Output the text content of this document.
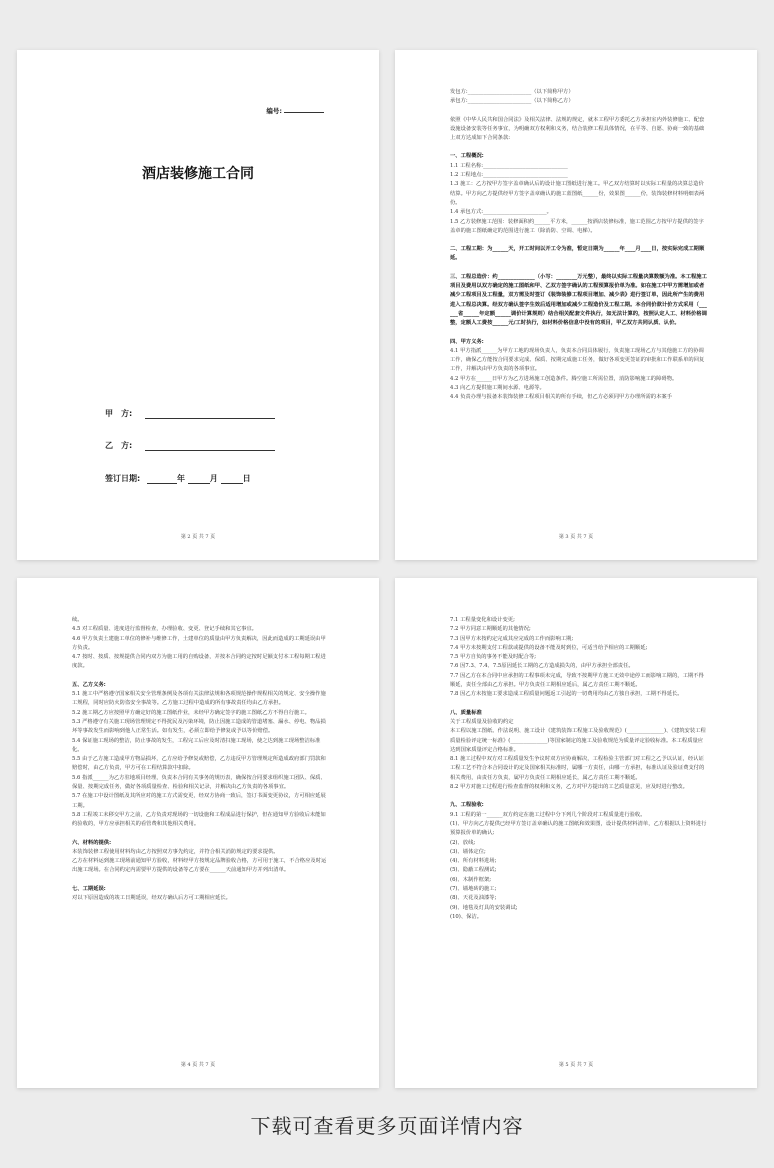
编号:
酒店装修施工合同
甲　方:
乙　方:
签订日期:	年	月	日
第 2 页 共 7 页

发包方:________________________（以下简称甲方）

承包方:________________________（以下简称乙方）

依照《中华人民共和国合同法》及相关法律、法规的规定，就本工程甲方委托乙方承担室内外装修施工、配套设施设备安装等任务事宜，为明确双方权利和义务，结合装修工程具体情况，在平等、自愿、协商一致的基础上双方达成如下合同条款:

一、工程概况:

1.1 工程名称:________________________________

1.2 工程地点:________________________________

1.3 施工：乙方按甲方签字盖章确认后的设计施工图纸进行施工。甲乙双方结算时以实际工程量的决算总造价结算。甲方向乙方提供经甲方签字盖章确认的施工蓝图纸______份，效果图______份，装饰装修材料明细表两份。

1.4 承包方式:________________________。

1.5 乙方装修施工范围：装修面积约______平方米，______按酒店装修标准，施工范围乙方按甲方提供的签字盖章的施工图纸确定的范围进行施工（除消防、空调、电梯）。

二、工程工期：为______天，开工时间以开工令为准，暂定日期为______年____月____日，按实际完成工期顺延。

三、工程总造价：约______________（小写：________万元整），最终以实际工程量决算数额为准。本工程施工项目及费用以双方确定的施工图纸和甲、乙双方签字确认的工程预算报价单为准。如在施工中甲方需增加或者减少工程项目及工程量，双方需及时签订《装饰装修工程项目增加、减少表》进行签订单，因此所产生的费用进入工程总决算。经双方确认签字生效后适用增加或减少工程造价及工程工期。本合同价款计价方式采用（______省______年定额______调价计算规则）结合相关配套文件执行，如无法计算的，按照认定人工、材料价格调整，定额人工费按______元/工时执行，如材料价格信息中没有的项目，甲乙双方共同认质、认价。

四、甲方义务:

4.1 甲方指派______为甲方工地的现场负责人，负责本合同具体履行，负责施工现场乙方与其他施工方的协调工作，确保乙方能按合同要求完成、保质、按期完成施工任务，做好各项变更签证的审批和工作联系单的回复工作，并解决由甲方负责的各项事宜。

4.2 甲方在______日甲方为乙方进场施工创造条件。腾空施工所需位置，消防影响施工的障碍物。

4.3 向乙方提供施工期间水源、电源等。

4.4 负责办理与报备本装饰装修工程项目相关的所有手续，但乙方必须同甲方办理所需的本案手

第 3 页 共 7 页

续。

4.5 对工程质量、进度进行监督检查，办理验收、变更、登记手续和其它事宜。

4.6 甲方负责土建施工单位的修补与维修工作，土建单位的质量由甲方负责解决，因此而造成的工期延误由甲方负责。

4.7 按时、按质、按规提供合同内双方为施工用的自购设备，并按本合同约定按时足额支付本工程每期工程进度款。

五、乙方义务:

5.1 施工中严格遵守国家相关安全管理条例及各项有关法律法规和各项规范操作规程相关的规定、安全操作施工规程，同时应防火防盗安全事故等。乙方施工过程中造成的所有事故责任均由乙方承担。

5.2 施工期乙方应按照甲方确定好的施工图纸作业，未经甲方确定签字的施工图纸乙方不得自行施工。

5.3 严格遵守有关施工现场管理规定不得扰民及污染环境，防止因施工造成的管道堵塞、漏水、停电、物品损坏等事故发生而影响到他人正常生活。如有发生，必须立即给予修复或予以等价赔偿。

5.4 保证施工现场的整洁，防止事故的发生，工程完工后应及时清扫施工现场，使之达到施工现场整洁标准化。

5.5 由于乙方施工造成甲方物品损坏，乙方应给予修复或赔偿，乙方违反甲方管理规定所造成政府部门罚款和赔偿时，由乙方负责，甲方可在工程结算款中扣除。

5.6 指派______为乙方驻地项目经理，负责本合同有关事务的规历表，确保按合同要求组织施工团队、保质、保量、按期完成任务，做好各项质量检查、检验和相关记录，并解决由乙方负责的各项事宜。

5.7 在施工中设计图纸及其所应对的施工方式需变更，经双方协商一致后，签订书面变更协议，方可相应延展工期。

5.8 工程竣工未移交甲方之前，乙方负责对现场的一切设施和工程成品进行保护，但在通知甲方验收后未能如约验收的，甲方应承担相关的看管费和其他相关费用。

六、材料的提供:

本装饰装修工程使用材料均由乙方按照双方事先约定，并符合相关消防规定的要求提供。

乙方在材料运到施工现场前通知甲方验收，材料经甲方按规定品牌验收合格，方可用于施工，不合格应及时运出施工现场。在合同约定内需要甲方提供的设备等乙方要在______天前通知甲方并列出清单。

七、工期延误:

对以下原因造成的竣工日期延误，经双方确认后方可工期相应延长。

第 4 页 共 7 页

7.1 工程量变化和设计变更;

7.2 甲方同意工期顺延的其他情况;

7.3 因甲方未按约定完成其应完成的工作而影响工期;

7.4 甲方未按期支付工程款或提供的设备不能及时到位，可适当给予相应的工期顺延;

7.5 甲方自负的事务不能及时配合等;

7.6 因7.3、7.4、7.5原因延长工期的乙方造成损失的，由甲方承担全部责任。

7.7 因乙方在本合同中应承担的工程事项未完成，导致不按期甲方施工无效中途停工而影响工期的，工期不得顺延，责任全部由乙方承担。甲方负责任工期相应延后，属乙方责任工期不顺延。

7.8 因乙方未按施工要求造成工程质量问题返工引起的一切费用均由乙方独自承担，工期不得延长。

八、质量标准

关于工程质量及验收的约定

本工程以施工图纸、作法说明、施工设计《建筑装饰工程施工及验收规范》(______________)、《建筑安装工程质量检验评定统一标准》(______________)等国家制定的施工及验收规范为质量评定验收标准。本工程质量应达到国家质量评定合格标准。

8.1 施工过程中双方对工程质量发生争议时双方应协商解决，工程检验主管部门对工程之乙予以认证，经认证工程工艺不符合本合同设计的定及国家相关标准时，属哪一方责任，由哪一方承担，标准认证及验证费支付的相关费用，由责任方负责，属甲方负责任工期相应延长，属乙方责任工期不顺延。

8.2 甲方对施工过程进行检查监督的权利和义务，乙方对甲方提出的工艺质量意见，应及时进行整改。

九、工程验收:

9.1 工程的第一______双方约定在施工过程中分下列几个阶段对工程质量进行验收。

(1)、甲方向乙方提供已经甲方签订盖章确认的施工图纸和效果图，设计提供材料清单，乙方根据以上资料进行预算报价单的确认;

(2)、放线;

(3)、墙体定位;

(4)、所有材料进场;

(5)、隐蔽工程测试;

(6)、木制作框架;

(7)、墙地砖的施工;

(8)、天花及油漆等;

(9)、地毯及灯具的安装调试;

(10)、保洁。

第 5 页 共 7 页
下载可查看更多页面详情内容
